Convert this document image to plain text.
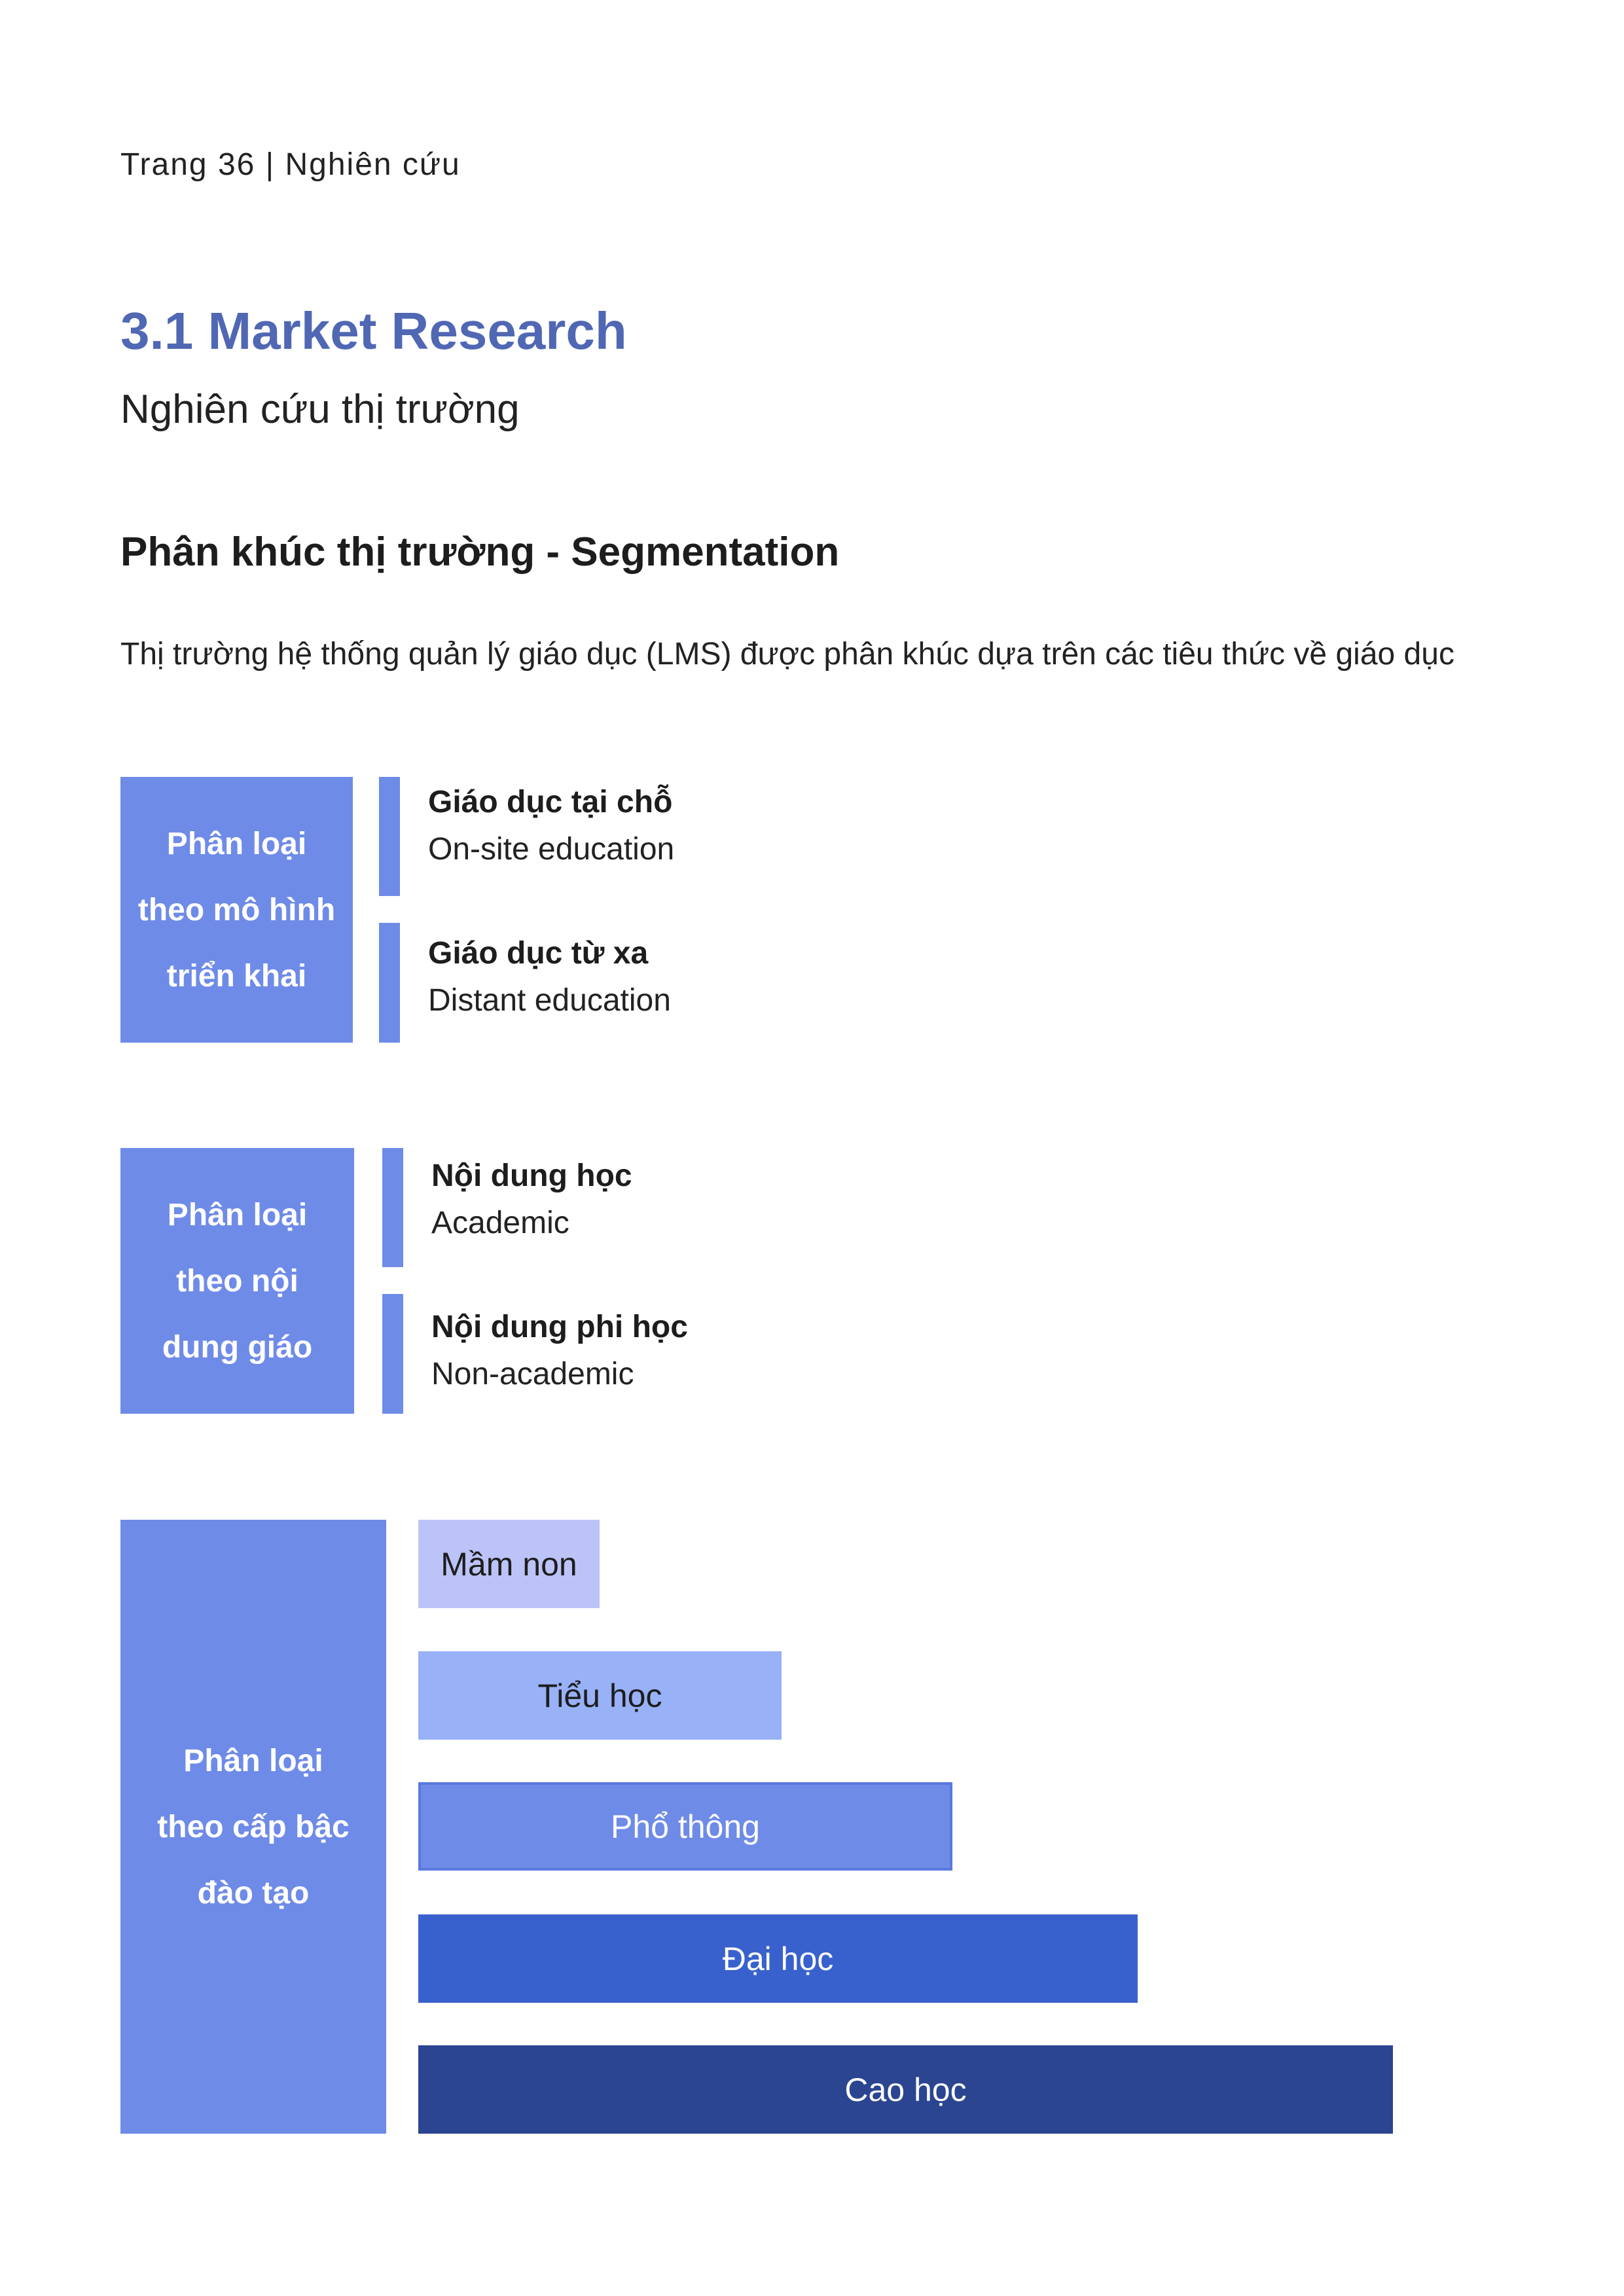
Trang 36 | Nghiên cứu
3.1 Market Research
Nghiên cứu thị trường
Phân khúc thị trường - Segmentation
Thị trường hệ thống quản lý giáo dục (LMS) được phân khúc dựa trên các tiêu thức về giáo dục
Phân loại
theo mô hình
triển khai
Giáo dục tại chỗ
On-site education
Giáo dục từ xa
Distant education
Phân loại
theo nội
dung giáo
Nội dung học
Academic
Nội dung phi học
Non-academic
Phân loại
theo cấp bậc
đào tạo
Mầm non
Tiểu học
Phổ thông
Đại học
Cao học
